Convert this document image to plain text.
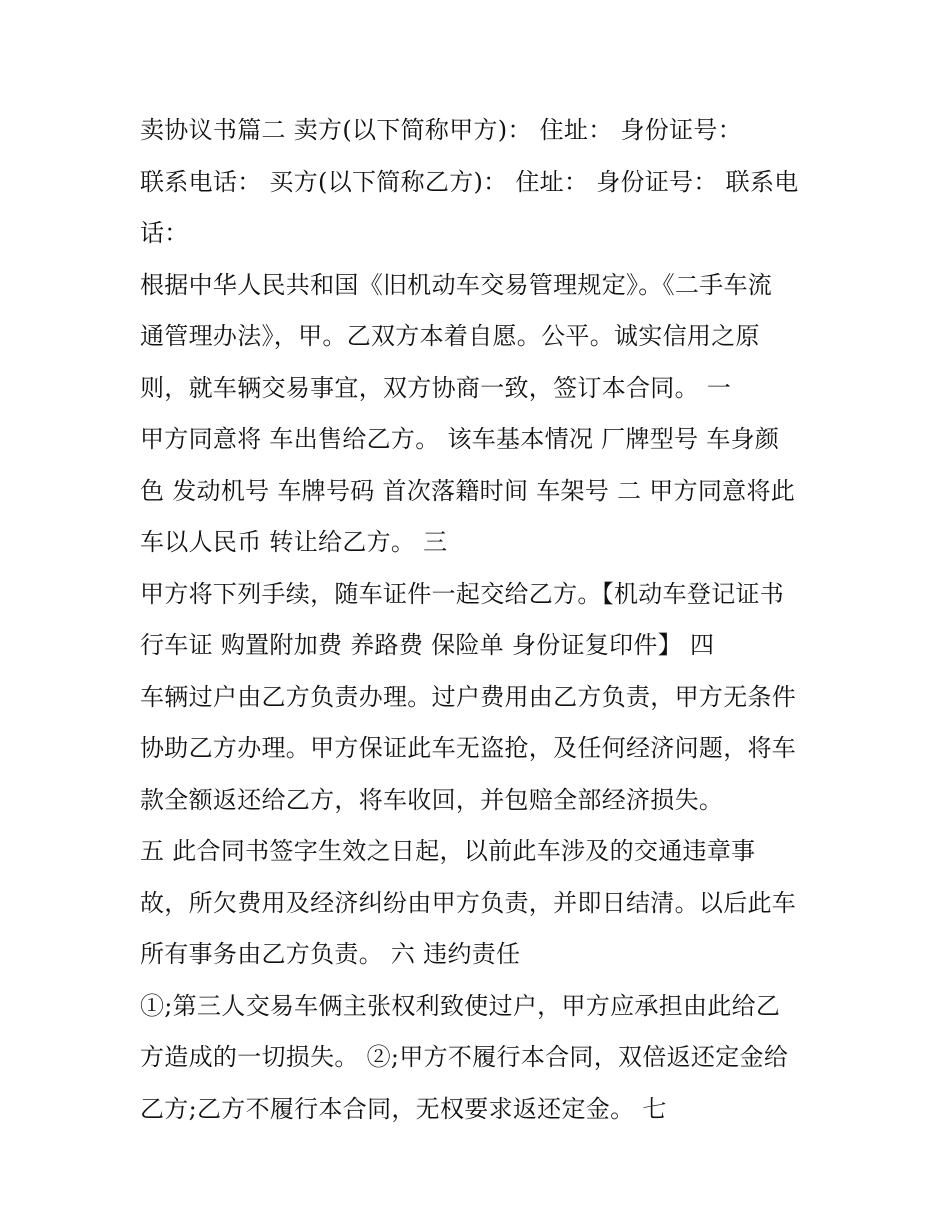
卖协议书篇二 卖方(以下简称甲方)： 住址： 身份证号：
联系电话： 买方(以下简称乙方)： 住址： 身份证号： 联系电
话：
根据中华人民共和国《旧机动车交易管理规定》。《二手车流
通管理办法》，甲。乙双方本着自愿。公平。诚实信用之原
则，就车辆交易事宜，双方协商一致，签订本合同。 一
甲方同意将 车出售给乙方。 该车基本情况 厂牌型号 车身颜
色 发动机号 车牌号码 首次落籍时间 车架号 二 甲方同意将此
车以人民币 转让给乙方。 三
甲方将下列手续，随车证件一起交给乙方。【机动车登记证书
行车证 购置附加费 养路费 保险单 身份证复印件】 四
车辆过户由乙方负责办理。过户费用由乙方负责，甲方无条件
协助乙方办理。甲方保证此车无盗抢，及任何经济问题，将车
款全额返还给乙方，将车收回，并包赔全部经济损失。
五 此合同书签字生效之日起，以前此车涉及的交通违章事
故，所欠费用及经济纠纷由甲方负责，并即日结清。以后此车
所有事务由乙方负责。 六 违约责任
①;第三人交易车俩主张权利致使过户，甲方应承担由此给乙
方造成的一切损失。 ②;甲方不履行本合同，双倍返还定金给
乙方;乙方不履行本合同，无权要求返还定金。 七
